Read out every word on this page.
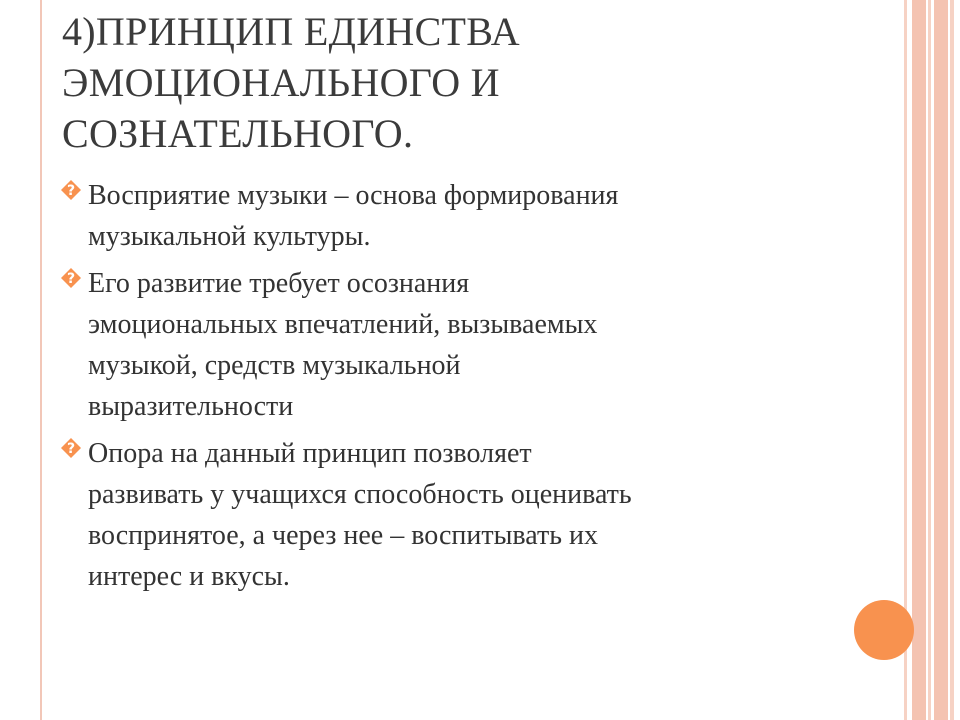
4)ПРИНЦИП ЕДИНСТВА
ЭМОЦИОНАЛЬНОГО И
СОЗНАТЕЛЬНОГО.
? Восприятие музыки – основа формирования
музыкальной культуры.
? Его развитие требует осознания
эмоциональных впечатлений, вызываемых
музыкой, средств музыкальной
выразительности
? Опора на данный принцип позволяет
развивать у учащихся способность оценивать
воспринятое, а через нее – воспитывать их
интерес и вкусы.
